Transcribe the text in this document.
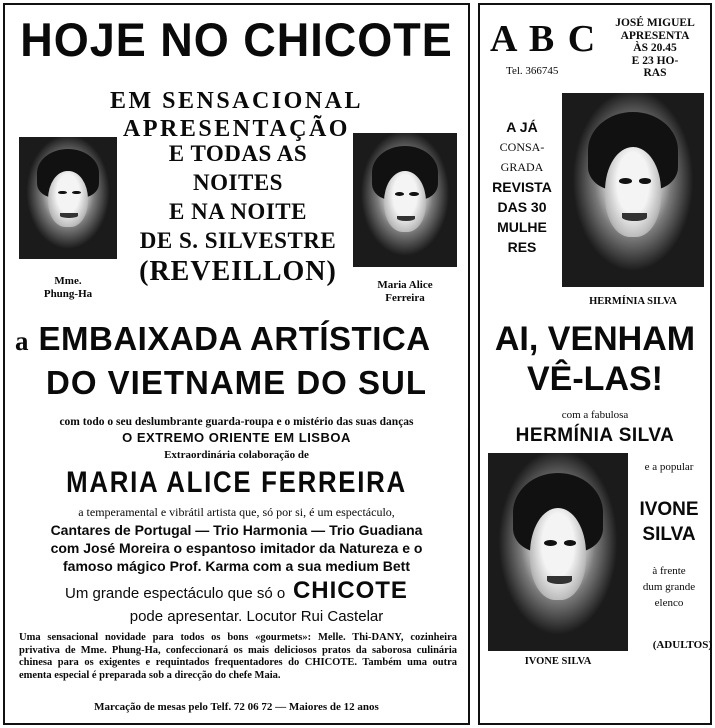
HOJE NO CHICOTE
EM SENSACIONAL APRESENTAÇÃO
Mme.
Phung-Ha
E TODAS AS NOITES
E NA NOITE
DE S. SILVESTRE
(REVEILLON)	Maria Alice
Ferreira
a EMBAIXADA ARTÍSTICA
DO VIETNAME DO SUL
com todo o seu deslumbrante guarda-roupa e o mistério das suas danças
O EXTREMO ORIENTE EM LISBOA
Extraordinária colaboração de
MARIA ALICE FERREIRA
a temperamental e vibrátil artista que, só por si, é um espectáculo,
Cantares de Portugal — Trio Harmonia — Trio Guadiana
com José Moreira o espantoso imitador da Natureza e o
famoso mágico Prof. Karma com a sua medium Bett
Um grande espectáculo que só o CHICOTE
pode apresentar. Locutor Rui Castelar
Uma sensacional novidade para todos os bons «gourmets»: Melle. Thi-DANY, cozinheira privativa de Mme. Phung-Ha, confeccionará os mais deliciosos pratos da saborosa culinária chinesa para os exigentes e requintados frequentadores do CHICOTE. Também uma outra ementa especial é preparada sob a direcção do chefe Maia.
Marcação de mesas pelo Telf. 72 06 72 — Maiores de 12 anos
A B C
Tel. 366745
JOSÉ MIGUEL
APRESENTA
ÀS 20.45
E 23 HO-
RAS
A JÁ
CONSA-
GRADA
REVISTA
DAS 30
MULHE
RES
HERMÍNIA SILVA
AI, VENHAM
VÊ-LAS!
com a fabulosa
HERMÍNIA SILVA
e a popular
IVONE
SILVA
à frente
dum grande
elenco
(ADULTOS)
IVONE SILVA
